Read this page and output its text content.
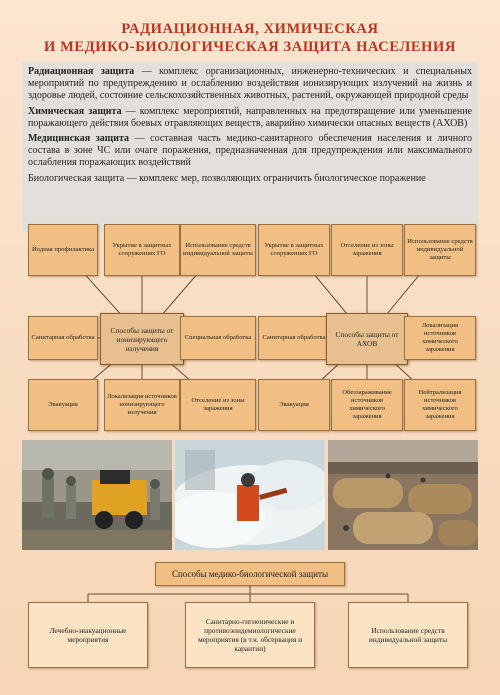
РАДИАЦИОННАЯ, ХИМИЧЕСКАЯ
И МЕДИКО-БИОЛОГИЧЕСКАЯ ЗАЩИТА НАСЕЛЕНИЯ

Радиационная защита — комплекс организационных, инженерно-технических и специальных мероприятий по предупреждению и ослаблению воздействия ионизирующих излучений на жизнь и здоровье людей, состояние сельскохозяйственных животных, растений, окружающей природной среды

Химическая защита — комплекс мероприятий, направленных на предотвращение или уменьшение поражающего действия боевых отравляющих веществ, аварийно химически опасных веществ (АХОВ)

Медицинская защита — составная часть медико-санитарного обеспечения населения и личного состава в зоне ЧС или очаге поражения, предназначенная для предупреждения или максимального ослабления поражающих воздействий

Биологическая защита — комплекс мер, позволяющих ограничить биологическое поражение

Йодная профилактика
Укрытие в защитных сооружениях ГО
Использование средств индивидуальной защиты
Санитарная обработка
Способы защиты от ионизирующего излучения
Специальная обработка
Эвакуация
Локализация источников ионизирующего излучения
Отселение из зоны заражения
Укрытие в защитных сооружениях ГО
Отселение из зоны заражения
Использование средств индивидуальной защиты
Санитарная обработка	Способы защиты от АХОВ
Локализация источников химического заражения
Эвакуация
Обеззараживание источников химического заражения
Нейтрализация источников химического заражения
Способы медико-биологической защиты
Лечебно-эвакуационные мероприятия
Санитарно-гигиенические и противоэпидемиологические мероприятия (в т.ч. обсервация и карантин)
Использование средств индивидуальной защиты
